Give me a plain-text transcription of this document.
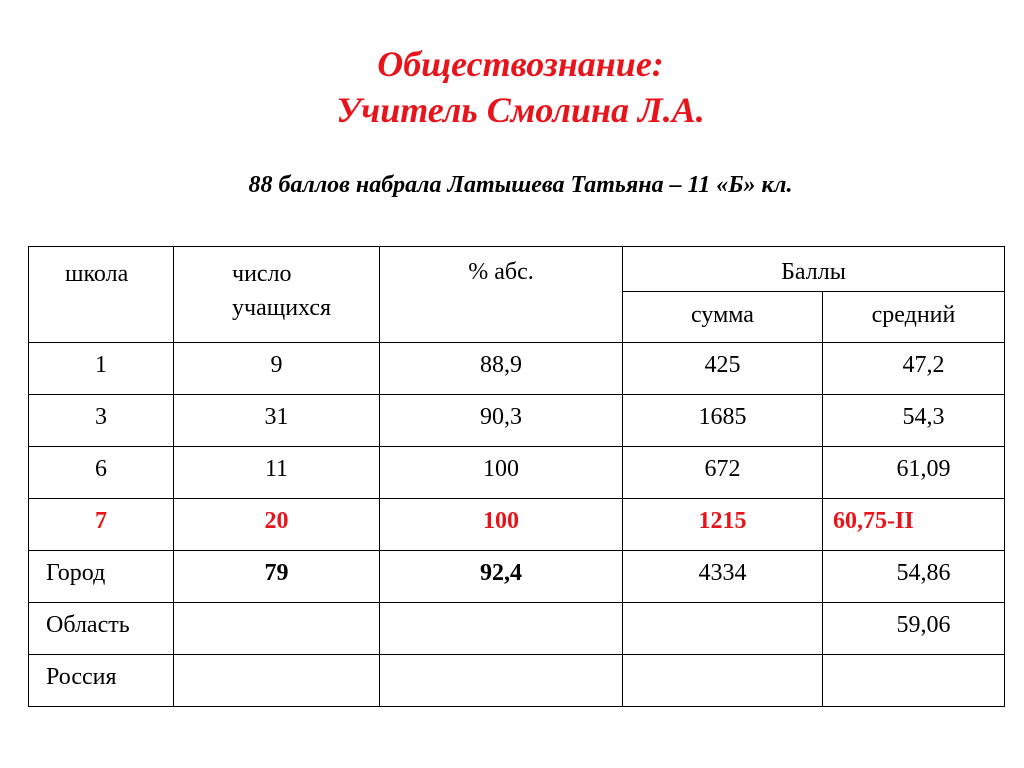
Обществознание:
Учитель Смолина Л.А.

88 баллов набрала Латышева Татьяна – 11 «Б» кл.

школа	число учащихся	% абс.	Баллы	
			сумма	средний
1	9	88,9	425	47,2
3	31	90,3	1685	54,3
6	11	100	672	61,09
7	20	100	1215	60,75-II
Город	79	92,4	4334	54,86
Область				59,06
Россия				
